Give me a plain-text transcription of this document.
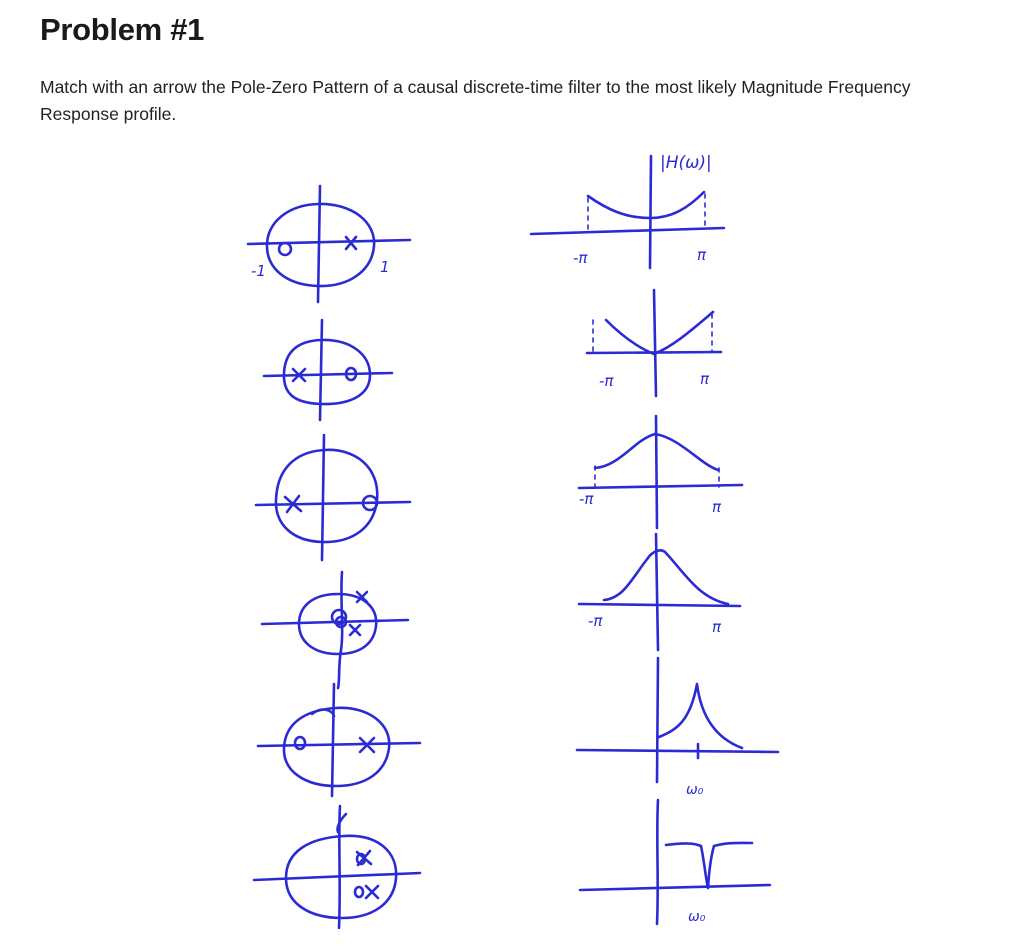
Problem #1

Match with an arrow the Pole-Zero Pattern of a causal discrete-time filter to the most likely Magnitude Frequency Response profile.

-1	1
|H(ω)|
-π	π
-π	π
-π	π
-π	π
ω₀
ω₀
